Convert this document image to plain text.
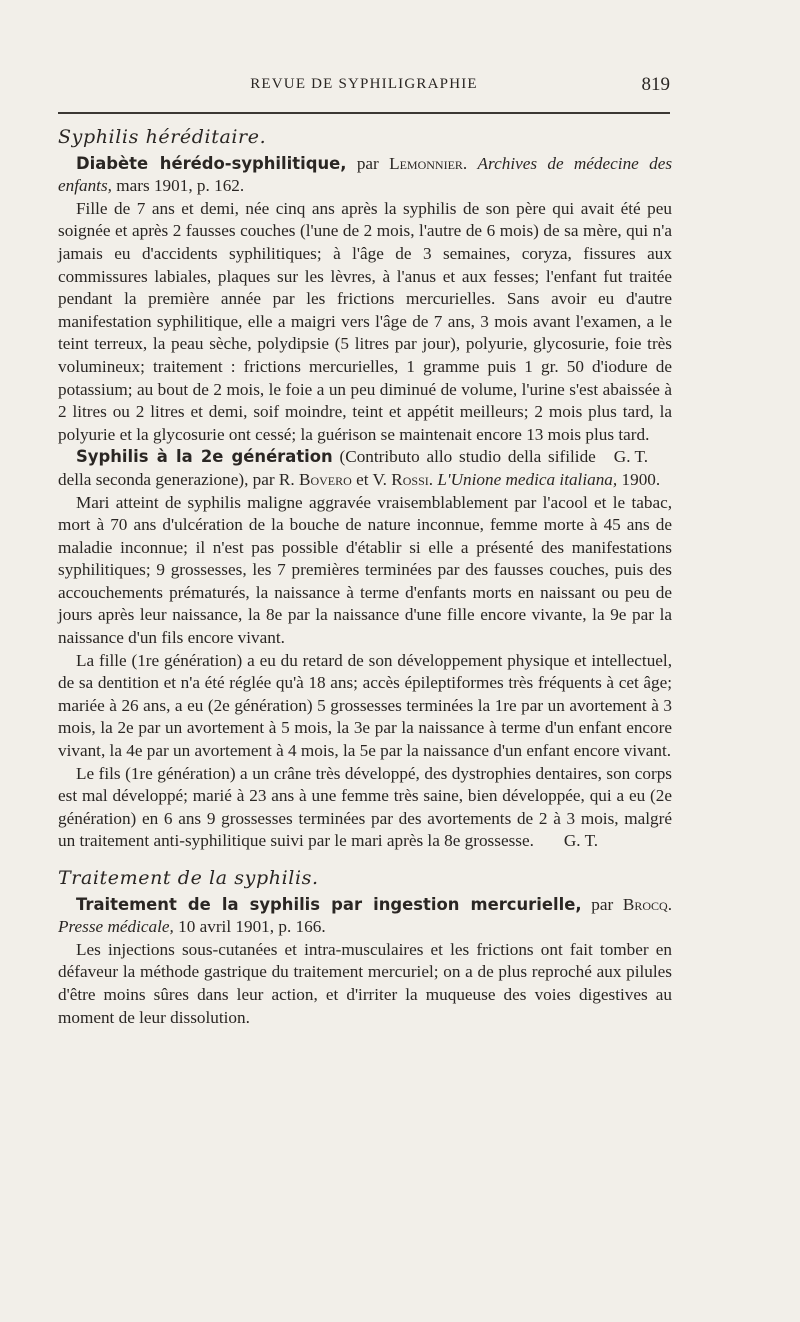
REVUE DE SYPHILIGRAPHIE	819
Syphilis héréditaire.

Diabète hérédo-syphilitique, par Lemonnier. Archives de médecine des enfants, mars 1901, p. 162.

Fille de 7 ans et demi, née cinq ans après la syphilis de son père qui avait été peu soignée et après 2 fausses couches (l'une de 2 mois, l'autre de 6 mois) de sa mère, qui n'a jamais eu d'accidents syphilitiques; à l'âge de 3 semaines, coryza, fissures aux commissures labiales, plaques sur les lèvres, à l'anus et aux fesses; l'enfant fut traitée pendant la première année par les frictions mercurielles. Sans avoir eu d'autre manifestation syphilitique, elle a maigri vers l'âge de 7 ans, 3 mois avant l'examen, a le teint terreux, la peau sèche, polydipsie (5 litres par jour), polyurie, glycosurie, foie très volumineux; traitement : frictions mercurielles, 1 gramme puis 1 gr. 50 d'iodure de potassium; au bout de 2 mois, le foie a un peu diminué de volume, l'urine s'est abaissée à 2 litres ou 2 litres et demi, soif moindre, teint et appétit meilleurs; 2 mois plus tard, la polyurie et la glycosurie ont cessé; la guérison se maintenait encore 13 mois plus tard.
G. T.

Syphilis à la 2e génération (Contributo allo studio della sifilide della seconda generazione), par R. Bovero et V. Rossi. L'Unione medica italiana, 1900.

Mari atteint de syphilis maligne aggravée vraisemblablement par l'acool et le tabac, mort à 70 ans d'ulcération de la bouche de nature inconnue, femme morte à 45 ans de maladie inconnue; il n'est pas possible d'établir si elle a présenté des manifestations syphilitiques; 9 grossesses, les 7 premières terminées par des fausses couches, puis des accouchements prématurés, la naissance à terme d'enfants morts en naissant ou peu de jours après leur naissance, la 8e par la naissance d'une fille encore vivante, la 9e par la naissance d'un fils encore vivant.

La fille (1re génération) a eu du retard de son développement physique et intellectuel, de sa dentition et n'a été réglée qu'à 18 ans; accès épileptiformes très fréquents à cet âge; mariée à 26 ans, a eu (2e génération) 5 grossesses terminées la 1re par un avortement à 3 mois, la 2e par un avortement à 5 mois, la 3e par la naissance à terme d'un enfant encore vivant, la 4e par un avortement à 4 mois, la 5e par la naissance d'un enfant encore vivant.

Le fils (1re génération) a un crâne très développé, des dystrophies dentaires, son corps est mal développé; marié à 23 ans à une femme très saine, bien développée, qui a eu (2e génération) en 6 ans 9 grossesses terminées par des avortements de 2 à 3 mois, malgré un traitement anti-syphilitique suivi par le mari après la 8e grossesse. G. T.

Traitement de la syphilis.

Traitement de la syphilis par ingestion mercurielle, par Brocq. Presse médicale, 10 avril 1901, p. 166.

Les injections sous-cutanées et intra-musculaires et les frictions ont fait tomber en défaveur la méthode gastrique du traitement mercuriel; on a de plus reproché aux pilules d'être moins sûres dans leur action, et d'irriter la muqueuse des voies digestives au moment de leur dissolution.
